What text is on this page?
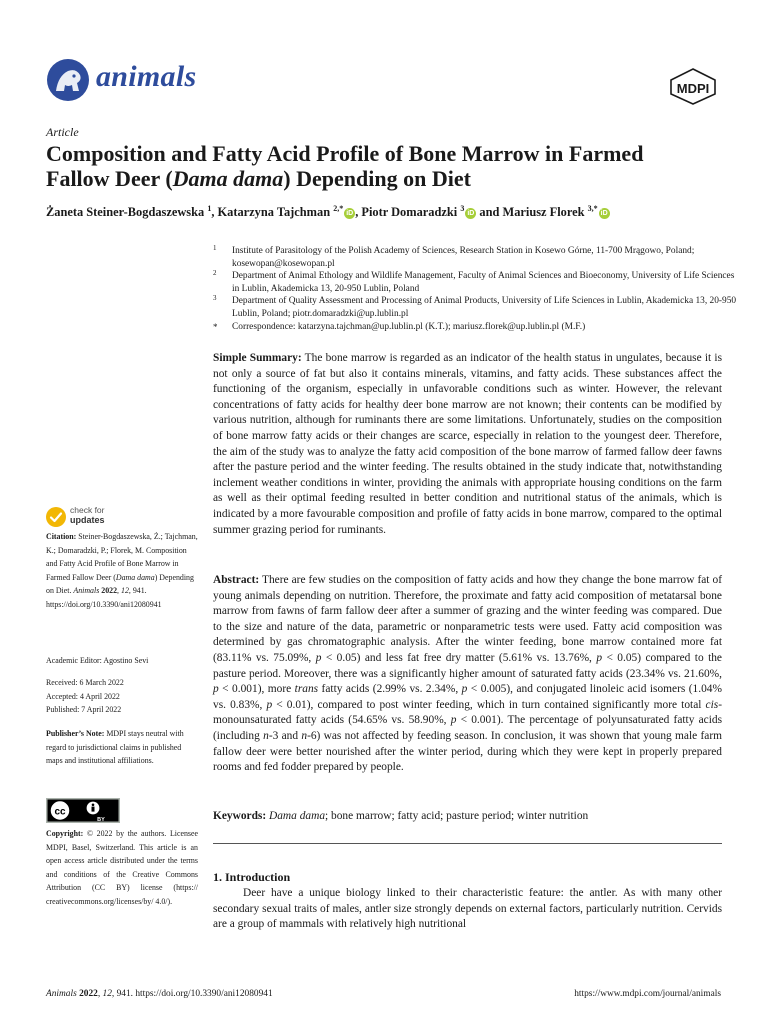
animals	MDPI
Article
Composition and Fatty Acid Profile of Bone Marrow in Farmed
Fallow Deer (Dama dama) Depending on Diet
Żaneta Steiner-Bogdaszewska $^1$, Katarzyna Tajchman $^{2,*}$iD , Piotr Domaradzki $^3$iD and Mariusz Florek $^{3,*}$iD
1 Institute of Parasitology of the Polish Academy of Sciences, Research Station in Kosewo Górne, 11-700 Mrągowo, Poland; kosewopan@kosewopan.pl
2 Department of Animal Ethology and Wildlife Management, Faculty of Animal Sciences and Bioeconomy, University of Life Sciences in Lublin, Akademicka 13, 20-950 Lublin, Poland
3 Department of Quality Assessment and Processing of Animal Products, University of Life Sciences in Lublin, Akademicka 13, 20-950 Lublin, Poland; piotr.domaradzki@up.lublin.pl
* Correspondence: katarzyna.tajchman@up.lublin.pl (K.T.); mariusz.florek@up.lublin.pl (M.F.)
Simple Summary: The bone marrow is regarded as an indicator of the health status in ungulates, because it is not only a source of fat but also it contains minerals, vitamins, and fatty acids. These substances affect the functioning of the organism, especially in unfavorable conditions such as winter. However, the relevant concentrations of fatty acids for healthy deer bone marrow are not known; their contents can be modified by various nutrition, although for ruminants there are some limitations. Unfortunately, studies on the composition of bone marrow fatty acids or their changes are scarce, especially in relation to the youngest deer. Therefore, the aim of the study was to analyze the fatty acid composition of the bone marrow of farmed fallow deer fawns after the pasture period and the winter feeding. The results obtained in the study indicate that, notwithstanding inclement weather conditions in winter, providing the animals with appropriate housing conditions on the farm as well as their optimal feeding resulted in better condition and nutritional status of the animals, which is indicated by a more favourable composition and profile of fatty acids in bone marrow, compared to the optimal summer grazing period for ruminants.
Abstract: There are few studies on the composition of fatty acids and how they change the bone marrow fat of young animals depending on nutrition. Therefore, the proximate and fatty acid composition of metatarsal bone marrow from fawns of farm fallow deer after a summer of grazing and the winter feeding was compared. Due to the size and nature of the data, parametric or nonparametric tests were used. Fatty acid composition was determined by gas chromatographic analysis. After the winter feeding, bone marrow contained more fat (83.11% vs. 75.09%, p < 0.05) and less fat free dry matter (5.61% vs. 13.76%, p < 0.05) compared to the pasture period. Moreover, there was a significantly higher amount of saturated fatty acids (23.34% vs. 21.60%, p < 0.001), more trans fatty acids (2.99% vs. 2.34%, p < 0.005), and conjugated linoleic acid isomers (1.04% vs. 0.83%, p < 0.01), compared to post winter feeding, which in turn contained significantly more total cis-monounsaturated fatty acids (54.65% vs. 58.90%, p < 0.001). The percentage of polyunsaturated fatty acids (including n-3 and n-6) was not affected by feeding season. In conclusion, it was shown that young male farm fallow deer were better nourished after the winter period, during which they were kept in properly prepared rooms and fed fodder prepared by people.
Keywords: Dama dama; bone marrow; fatty acid; pasture period; winter nutrition
1. Introduction
Deer have a unique biology linked to their characteristic feature: the antler. As with many other secondary sexual traits of males, antler size strongly depends on external factors, particularly nutrition. Cervids are a group of mammals with relatively high nutritional
check for
updates
Citation: Steiner-Bogdaszewska, Ż.; Tajchman, K.; Domaradzki, P.; Florek, M. Composition and Fatty Acid Profile of Bone Marrow in Farmed Fallow Deer (Dama dama) Depending on Diet. Animals 2022, 12, 941. https://doi.org/10.3390/ani12080941
Academic Editor: Agostino Sevi
Received: 6 March 2022
Accepted: 4 April 2022
Published: 7 April 2022
Publisher’s Note: MDPI stays neutral with regard to jurisdictional claims in published maps and institutional affiliations.
cc
BY
Copyright: © 2022 by the authors. Licensee MDPI, Basel, Switzerland. This article is an open access article distributed under the terms and conditions of the Creative Commons Attribution (CC BY) license (https:// creativecommons.org/licenses/by/ 4.0/).
Animals 2022, 12, 941. https://doi.org/10.3390/ani12080941	https://www.mdpi.com/journal/animals
